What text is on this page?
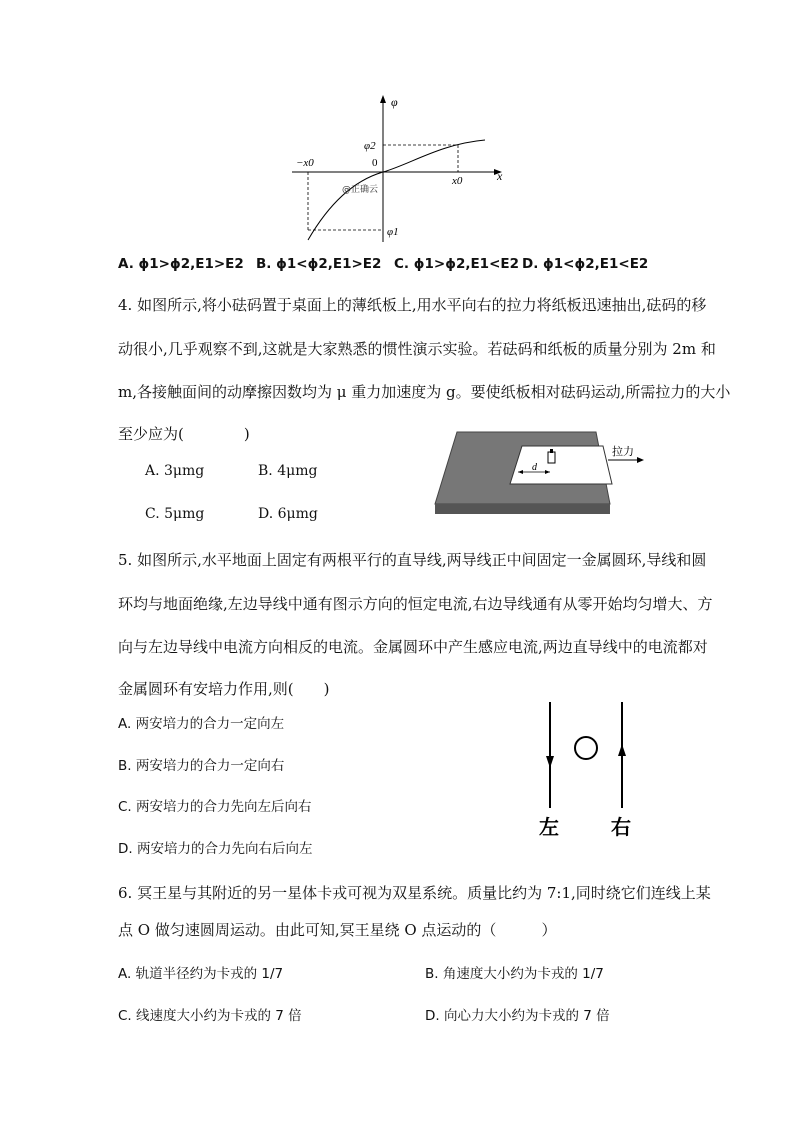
φ
x
φ2
φ1
−x0
x0
0
@正确云
A. ϕ1>ϕ2,E1>E2 B. ϕ1<ϕ2,E1>E2 C. ϕ1>ϕ2,E1<E2 D. ϕ1<ϕ2,E1<E2
4. 如图所示,将小砝码置于桌面上的薄纸板上,用水平向右的拉力将纸板迅速抽出,砝码的移
动很小,几乎观察不到,这就是大家熟悉的惯性演示实验。若砝码和纸板的质量分别为 2m 和
m,各接触面间的动摩擦因数均为 μ 重力加速度为 g。要使纸板相对砝码运动,所需拉力的大小
至少应为(　　　　)
A. 3μmg	B. 4μmg
C. 5μmg	D. 6μmg
d
拉力
5. 如图所示,水平地面上固定有两根平行的直导线,两导线正中间固定一金属圆环,导线和圆
环均与地面绝缘,左边导线中通有图示方向的恒定电流,右边导线通有从零开始均匀增大、方
向与左边导线中电流方向相反的电流。金属圆环中产生感应电流,两边直导线中的电流都对
金属圆环有安培力作用,则(　　)
A. 两安培力的合力一定向左
B. 两安培力的合力一定向右
C. 两安培力的合力先向左后向右
D. 两安培力的合力先向右后向左
左	右
6. 冥王星与其附近的另一星体卡戎可视为双星系统。质量比约为 7:1,同时绕它们连线上某
点 O 做匀速圆周运动。由此可知,冥王星绕 O 点运动的（　　　）
A. 轨道半径约为卡戎的 1/7	B. 角速度大小约为卡戎的 1/7
C. 线速度大小约为卡戎的 7 倍	D. 向心力大小约为卡戎的 7 倍
